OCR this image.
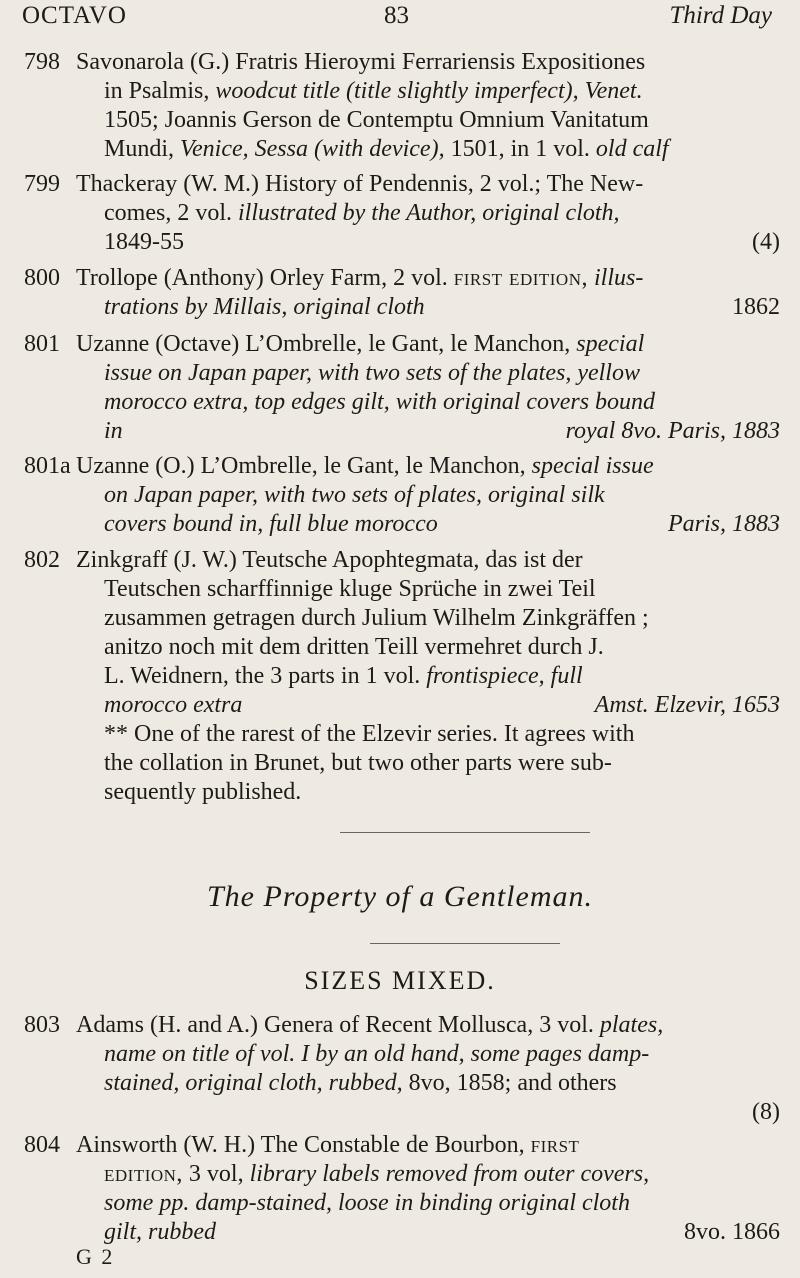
OCTAVO	83	Third Day
798 Savonarola (G.) Fratris Hieroymi Ferrariensis Expositiones

in Psalmis, woodcut title (title slightly imperfect), Venet.

1505; Joannis Gerson de Contemptu Omnium Vanitatum

Mundi, Venice, Sessa (with device), 1501, in 1 vol. old calf

799 Thackeray (W. M.) History of Pendennis, 2 vol.; The New-

comes, 2 vol. illustrated by the Author, original cloth,

1849-55	(4)

800 Trollope (Anthony) Orley Farm, 2 vol. first edition, illus-

trations by Millais, original cloth	1862

801 Uzanne (Octave) L’Ombrelle, le Gant, le Manchon, special

issue on Japan paper, with two sets of the plates, yellow

morocco extra, top edges gilt, with original covers bound

in	royal 8vo. Paris, 1883

801a Uzanne (O.) L’Ombrelle, le Gant, le Manchon, special issue

on Japan paper, with two sets of plates, original silk

covers bound in, full blue morocco	Paris, 1883

802 Zinkgraff (J. W.) Teutsche Apophtegmata, das ist der

Teutschen scharffinnige kluge Sprüche in zwei Teil

zusammen getragen durch Julium Wilhelm Zinkgräffen ;

anitzo noch mit dem dritten Teill vermehret durch J.

L. Weidnern, the 3 parts in 1 vol. frontispiece, full

morocco extra	Amst. Elzevir, 1653

** One of the rarest of the Elzevir series. It agrees with

the collation in Brunet, but two other parts were sub-

sequently published.

The Property of a Gentleman.
SIZES MIXED.
803 Adams (H. and A.) Genera of Recent Mollusca, 3 vol. plates,

name on title of vol. I by an old hand, some pages damp-

stained, original cloth, rubbed, 8vo, 1858; and others

(8)

804 Ainsworth (W. H.) The Constable de Bourbon, first

edition, 3 vol, library labels removed from outer covers,

some pp. damp-stained, loose in binding original cloth

gilt, rubbed	8vo. 1866

G 2
